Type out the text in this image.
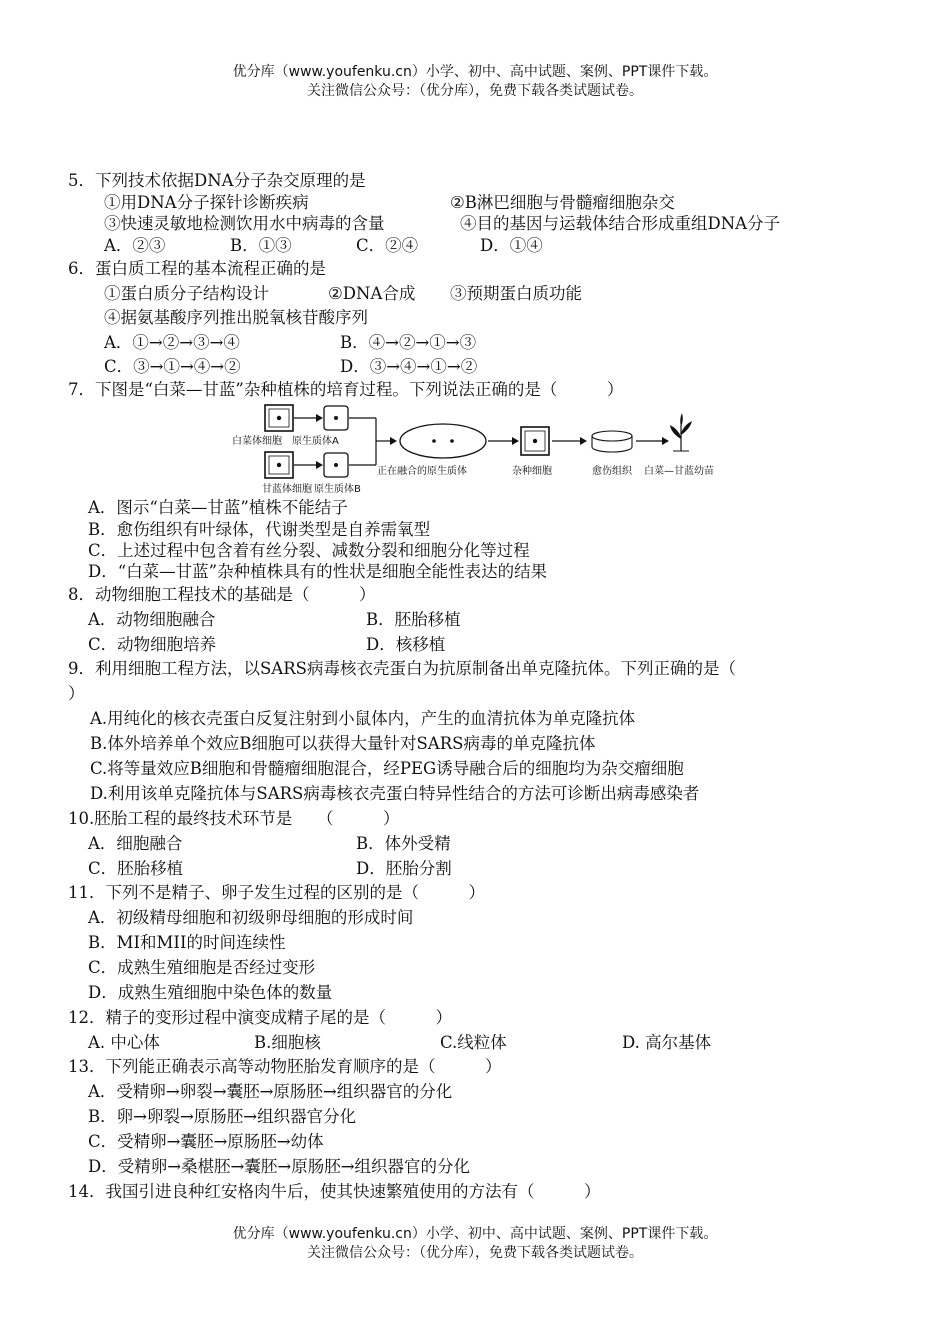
优分库（www.youfenku.cn）小学、初中、高中试题、案例、PPT课件下载。
关注微信公众号：（优分库），免费下载各类试题试卷。
5．下列技术依据DNA分子杂交原理的是
①用DNA分子探针诊断疾病	②B淋巴细胞与骨髓瘤细胞杂交
③快速灵敏地检测饮用水中病毒的含量	④目的基因与运载体结合形成重组DNA分子
A．②③	B．①③	C．②④	D．①④
6．蛋白质工程的基本流程正确的是
①蛋白质分子结构设计	②DNA合成 ③预期蛋白质功能
④据氨基酸序列推出脱氧核苷酸序列
A．①→②→③→④	B．④→②→①→③
C．③→①→④→②	D．③→④→①→②
7．下图是“白菜—甘蓝”杂种植株的培育过程。下列说法正确的是（　　　）
白菜体细胞 原生质体A
甘蓝体细胞 原生质体B
正在融合的原生质体	杂种细胞	愈伤组织 白菜—甘蓝幼苗
A．图示“白菜—甘蓝”植株不能结子
B．愈伤组织有叶绿体，代谢类型是自养需氧型
C．上述过程中包含着有丝分裂、减数分裂和细胞分化等过程
D．“白菜—甘蓝”杂种植株具有的性状是细胞全能性表达的结果
8．动物细胞工程技术的基础是（　　　）
A．动物细胞融合	B．胚胎移植
C．动物细胞培养	D．核移植
9．利用细胞工程方法，以SARS病毒核衣壳蛋白为抗原制备出单克隆抗体。下列正确的是（
）
A.用纯化的核衣壳蛋白反复注射到小鼠体内，产生的血清抗体为单克隆抗体
B.体外培养单个效应B细胞可以获得大量针对SARS病毒的单克隆抗体
C.将等量效应B细胞和骨髓瘤细胞混合，经PEG诱导融合后的细胞均为杂交瘤细胞
D.利用该单克隆抗体与SARS病毒核衣壳蛋白特异性结合的方法可诊断出病毒感染者
10.胚胎工程的最终技术环节是　　（　　　）
A．细胞融合	B．体外受精
C．胚胎移植	D．胚胎分割
11．下列不是精子、卵子发生过程的区别的是（　　　）
A．初级精母细胞和初级卵母细胞的形成时间
B．MI和MII的时间连续性
C．成熟生殖细胞是否经过变形
D．成熟生殖细胞中染色体的数量
12．精子的变形过程中演变成精子尾的是（　　　）
A. 中心体	B.细胞核	C.线粒体	D. 高尔基体
13．下列能正确表示高等动物胚胎发育顺序的是（　　　）
A．受精卵→卵裂→囊胚→原肠胚→组织器官的分化
B．卵→卵裂→原肠胚→组织器官分化
C．受精卵→囊胚→原肠胚→幼体
D．受精卵→桑椹胚→囊胚→原肠胚→组织器官的分化
14．我国引进良种红安格肉牛后，使其快速繁殖使用的方法有（　　　）
优分库（www.youfenku.cn）小学、初中、高中试题、案例、PPT课件下载。
关注微信公众号：（优分库），免费下载各类试题试卷。
